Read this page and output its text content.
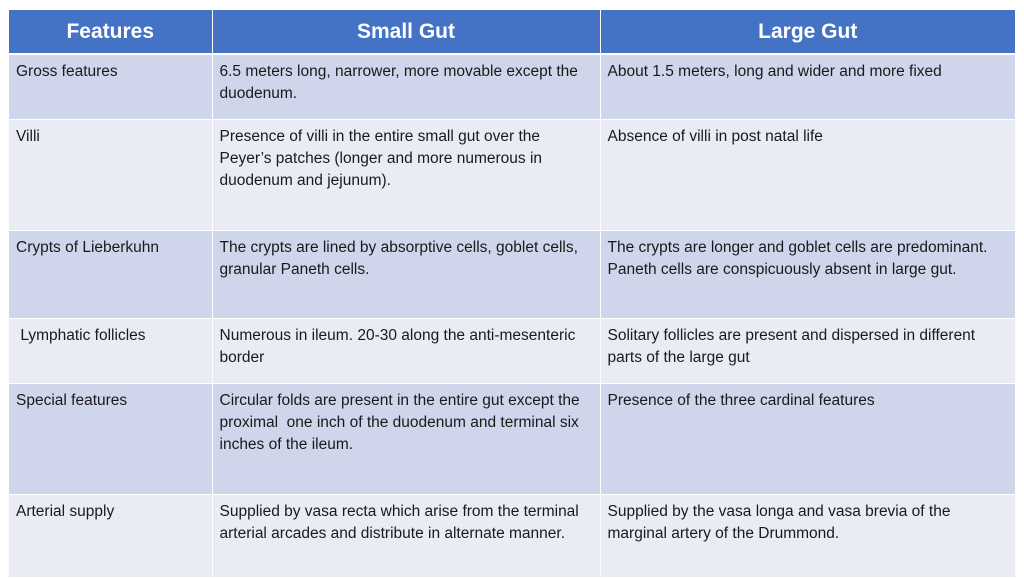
Features	Small Gut	Large Gut
Gross features	6.5 meters long, narrower, more movable except the duodenum.	About 1.5 meters, long and wider and more fixed
Villi	Presence of villi in the entire small gut over the Peyer’s patches (longer and more numerous in duodenum and jejunum).	Absence of villi in post natal life
Crypts of Lieberkuhn	The crypts are lined by absorptive cells, goblet cells, granular Paneth cells.	The crypts are longer and goblet cells are predominant. Paneth cells are conspicuously absent in large gut.
Lymphatic follicles	Numerous in ileum. 20-30 along the anti-mesenteric border	Solitary follicles are present and dispersed in different parts of the large gut
Special features	Circular folds are present in the entire gut except the proximal  one inch of the duodenum and terminal six inches of the ileum.	Presence of the three cardinal features
Arterial supply	Supplied by vasa recta which arise from the terminal arterial arcades and distribute in alternate manner.	Supplied by the vasa longa and vasa brevia of the marginal artery of the Drummond.
